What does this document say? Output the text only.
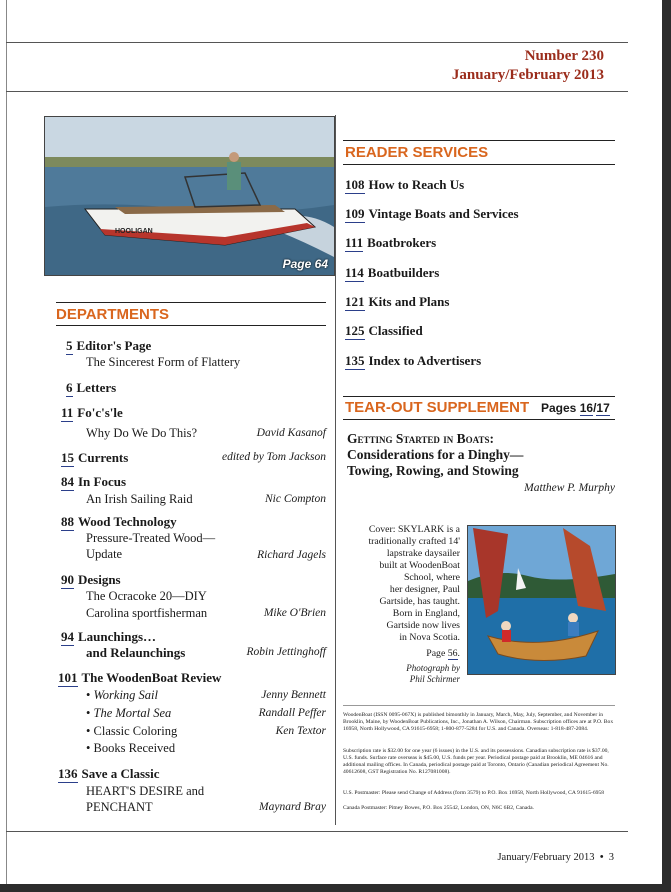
Number 230
January/February 2013
HOOLIGAN
Page 64
DEPARTMENTS
5 Editor's Page
The Sincerest Form of Flattery
6 Letters
11 Fo'c's'le
Why Do We Do This?	David Kasanof
15 Currents	edited by Tom Jackson
84 In Focus
An Irish Sailing Raid	Nic Compton
88 Wood Technology
Pressure-Treated Wood—
Update	Richard Jagels
90 Designs
The Ocracoke 20—DIY
Carolina sportfisherman	Mike O'Brien
94 Launchings…
and Relaunchings	Robin Jettinghoff
101 The WoodenBoat Review
• Working Sail	Jenny Bennett
• The Mortal Sea	Randall Peffer
• Classic Coloring	Ken Textor
• Books Received
136 Save a Classic
HEART'S DESIRE and
PENCHANT	Maynard Bray
READER SERVICES
108 How to Reach Us
109 Vintage Boats and Services
111 Boatbrokers
114 Boatbuilders
121 Kits and Plans
125 Classified
135 Index to Advertisers
TEAR-OUT SUPPLEMENT Pages 16/17
Getting Started in Boats:
Considerations for a Dinghy—
Towing, Rowing, and Stowing
Matthew P. Murphy
Cover: SKYLARK is a
traditionally crafted 14'
lapstrake daysailer
built at WoodenBoat
School, where
her designer, Paul
Gartside, has taught.
Born in England,
Gartside now lives
in Nova Scotia.
Page 56.
Photograph by
Phil Schirmer
WoodenBoat (ISSN 0095-067X) is published bimonthly in January, March, May, July, September, and November in Brooklin, Maine, by WoodenBoat Publications, Inc., Jonathan A. Wilson, Chairman. Subscription offices are at P.O. Box 16958, North Hollywood, CA 91615-6958; 1-800-877-5284 for U.S. and Canada. Overseas: 1-818-487-2084.
Subscription rate is $32.00 for one year (6 issues) in the U.S. and its possessions. Canadian subscription rate is $37.00, U.S. funds. Surface rate overseas is $45.00, U.S. funds per year. Periodical postage paid at Brooklin, ME 04616 and additional mailing offices. In Canada, periodical postage paid at Toronto, Ontario (Canadian periodical Agreement No. 40612608, GST Registration No. R127081008).
U.S. Postmaster: Please send Change of Address (form 3579) to P.O. Box 16958, North Hollywood, CA 91615-6958
Canada Postmaster: Pitney Bowes, P.O. Box 25542, London, ON, N6C 6B2, Canada.
January/February 2013 • 3
